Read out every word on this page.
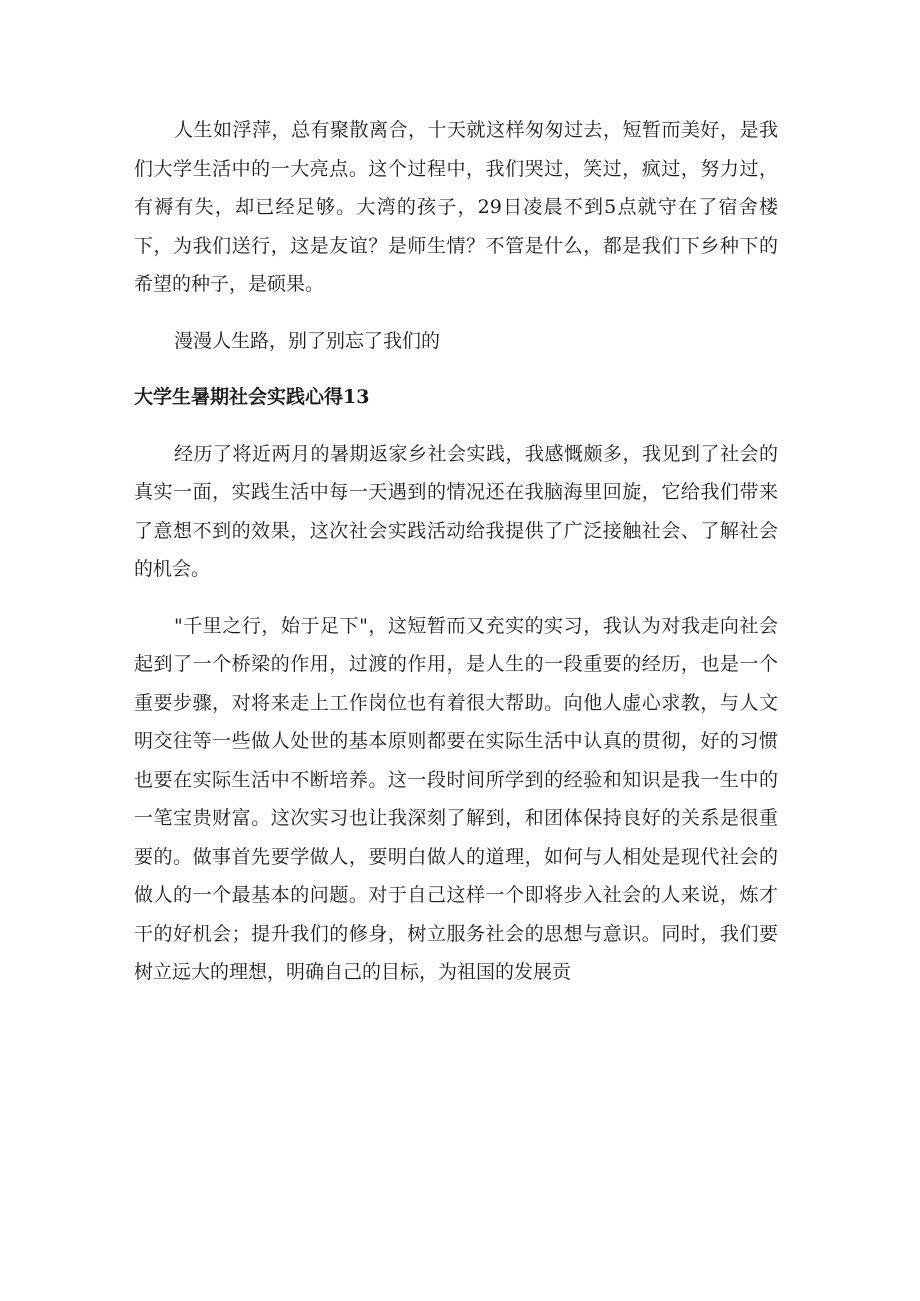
人生如浮萍，总有聚散离合，十天就这样匆匆过去，短暂而美好，是我们大学生活中的一大亮点。这个过程中，我们哭过，笑过，疯过，努力过，有褥有失，却已经足够。大湾的孩子，29日凌晨不到5点就守在了宿舍楼下，为我们送行，这是友谊？是师生情？不管是什么，都是我们下乡种下的希望的种子，是硕果。

漫漫人生路，别了别忘了我们的

大学生暑期社会实践心得13

经历了将近两月的暑期返家乡社会实践，我感慨颇多，我见到了社会的真实一面，实践生活中每一天遇到的情况还在我脑海里回旋，它给我们带来了意想不到的效果，这次社会实践活动给我提供了广泛接触社会、了解社会的机会。

"千里之行，始于足下"，这短暂而又充实的实习，我认为对我走向社会起到了一个桥梁的作用，过渡的作用，是人生的一段重要的经历，也是一个重要步骤，对将来走上工作岗位也有着很大帮助。向他人虚心求教，与人文明交往等一些做人处世的基本原则都要在实际生活中认真的贯彻，好的习惯也要在实际生活中不断培养。这一段时间所学到的经验和知识是我一生中的一笔宝贵财富。这次实习也让我深刻了解到，和团体保持良好的关系是很重要的。做事首先要学做人，要明白做人的道理，如何与人相处是现代社会的做人的一个最基本的问题。对于自己这样一个即将步入社会的人来说，炼才干的好机会；提升我们的修身，树立服务社会的思想与意识。同时，我们要树立远大的理想，明确自己的目标，为祖国的发展贡
